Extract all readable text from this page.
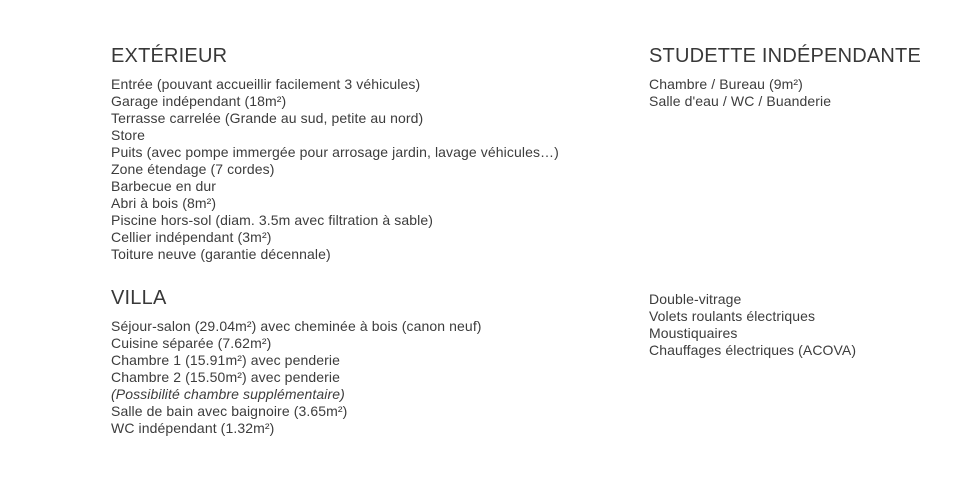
EXTÉRIEUR

Entrée (pouvant accueillir facilement 3 véhicules)

Garage indépendant (18m²)

Terrasse carrelée (Grande au sud, petite au nord)

Store

Puits (avec pompe immergée pour arrosage jardin, lavage véhicules…)

Zone étendage (7 cordes)

Barbecue en dur

Abri à bois (8m²)

Piscine hors-sol (diam. 3.5m avec filtration à sable)

Cellier indépendant (3m²)

Toiture neuve (garantie décennale)

VILLA

Séjour-salon (29.04m²) avec cheminée à bois (canon neuf)

Cuisine séparée (7.62m²)

Chambre 1 (15.91m²) avec penderie

Chambre 2 (15.50m²) avec penderie

(Possibilité chambre supplémentaire)

Salle de bain avec baignoire (3.65m²)

WC indépendant (1.32m²)

STUDETTE INDÉPENDANTE

Chambre / Bureau (9m²)

Salle d'eau / WC / Buanderie

Double-vitrage

Volets roulants électriques

Moustiquaires

Chauffages électriques (ACOVA)
